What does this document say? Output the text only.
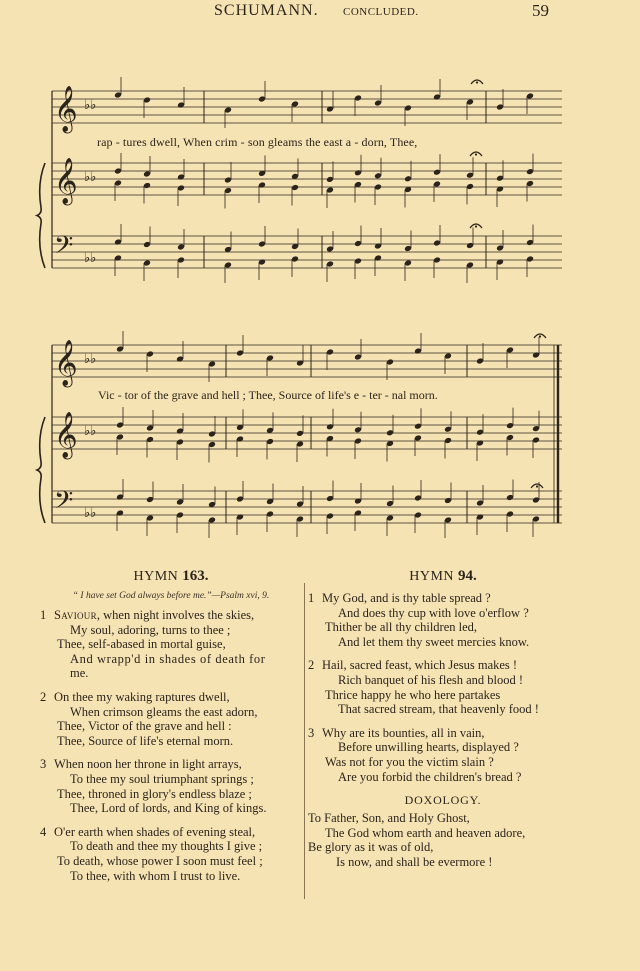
SCHUMANN. CONCLUDED.	59
𝄞 ♭♭
𝄞 ♭♭
𝄢 ♭♭
𝄞 ♭♭
𝄞 ♭♭
𝄢 ♭♭
rap - tures dwell, When crim - son gleams the east a - dorn, Thee,
Vic - tor of the grave and hell ; Thee, Source of life's e - ter - nal morn.
HYMN 163.
“ I have set God always before me.”—Psalm xvi, 9.
1 Saviour, when night involves the skies,
My soul, adoring, turns to thee ;
Thee, self-abased in mortal guise,
And wrapp'd in shades of death for
me.
2 On thee my waking raptures dwell,
When crimson gleams the east adorn,
Thee, Victor of the grave and hell :
Thee, Source of life's eternal morn.
3 When noon her throne in light arrays,
To thee my soul triumphant springs ;
Thee, throned in glory's endless blaze ;
Thee, Lord of lords, and King of kings.
4 O'er earth when shades of evening steal,
To death and thee my thoughts I give ;
To death, whose power I soon must feel ;
To thee, with whom I trust to live.
HYMN 94.
1 My God, and is thy table spread ?
And does thy cup with love o'erflow ?
Thither be all thy children led,
And let them thy sweet mercies know.
2 Hail, sacred feast, which Jesus makes !
Rich banquet of his flesh and blood !
Thrice happy he who here partakes
That sacred stream, that heavenly food !
3 Why are its bounties, all in vain,
Before unwilling hearts, displayed ?
Was not for you the victim slain ?
Are you forbid the children's bread ?
DOXOLOGY.
To Father, Son, and Holy Ghost,
The God whom earth and heaven adore,
Be glory as it was of old,
Is now, and shall be evermore !
